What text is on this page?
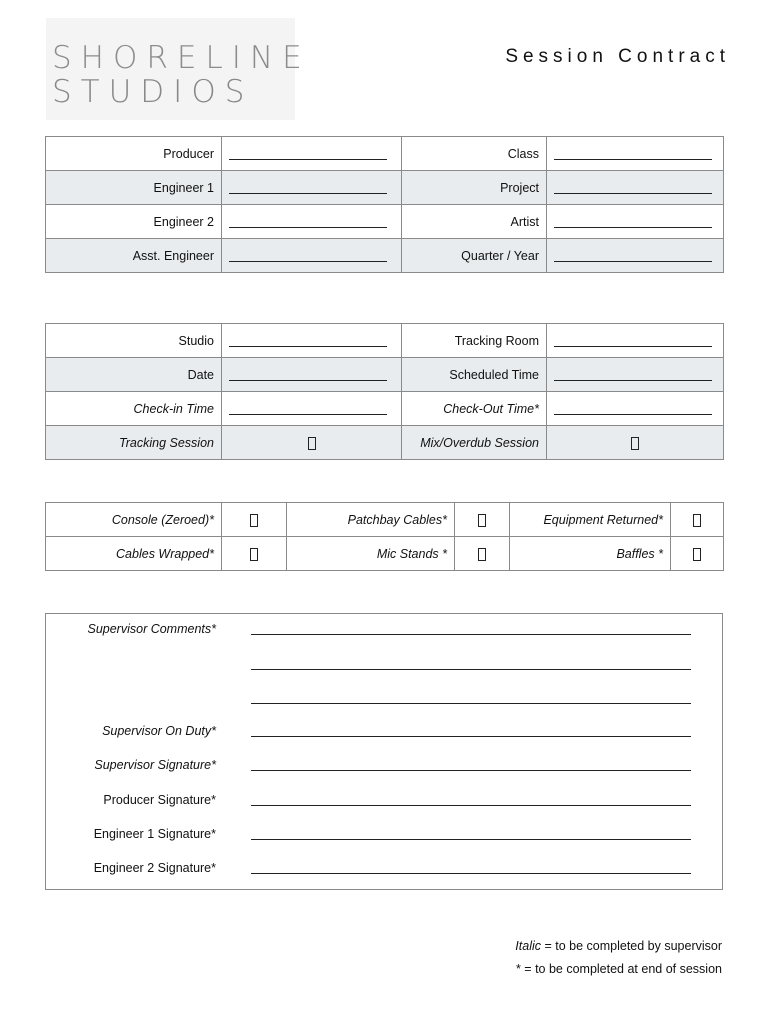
SHORELINE
STUDIOS
Session Contract
Producer		Class	
Engineer 1		Project	
Engineer 2		Artist	
Asst. Engineer		Quarter / Year	
Studio		Tracking Room	
Date		Scheduled Time	
Check-in Time		Check-Out Time*	
Tracking Session		Mix/Overdub Session	
Console (Zeroed)*		Patchbay Cables*		Equipment Returned*	
Cables Wrapped*		Mic Stands *		Baffles *	
Supervisor Comments*
Supervisor On Duty*
Supervisor Signature*
Producer Signature*
Engineer 1 Signature*
Engineer 2 Signature*
Italic = to be completed by supervisor
* = to be completed at end of session
